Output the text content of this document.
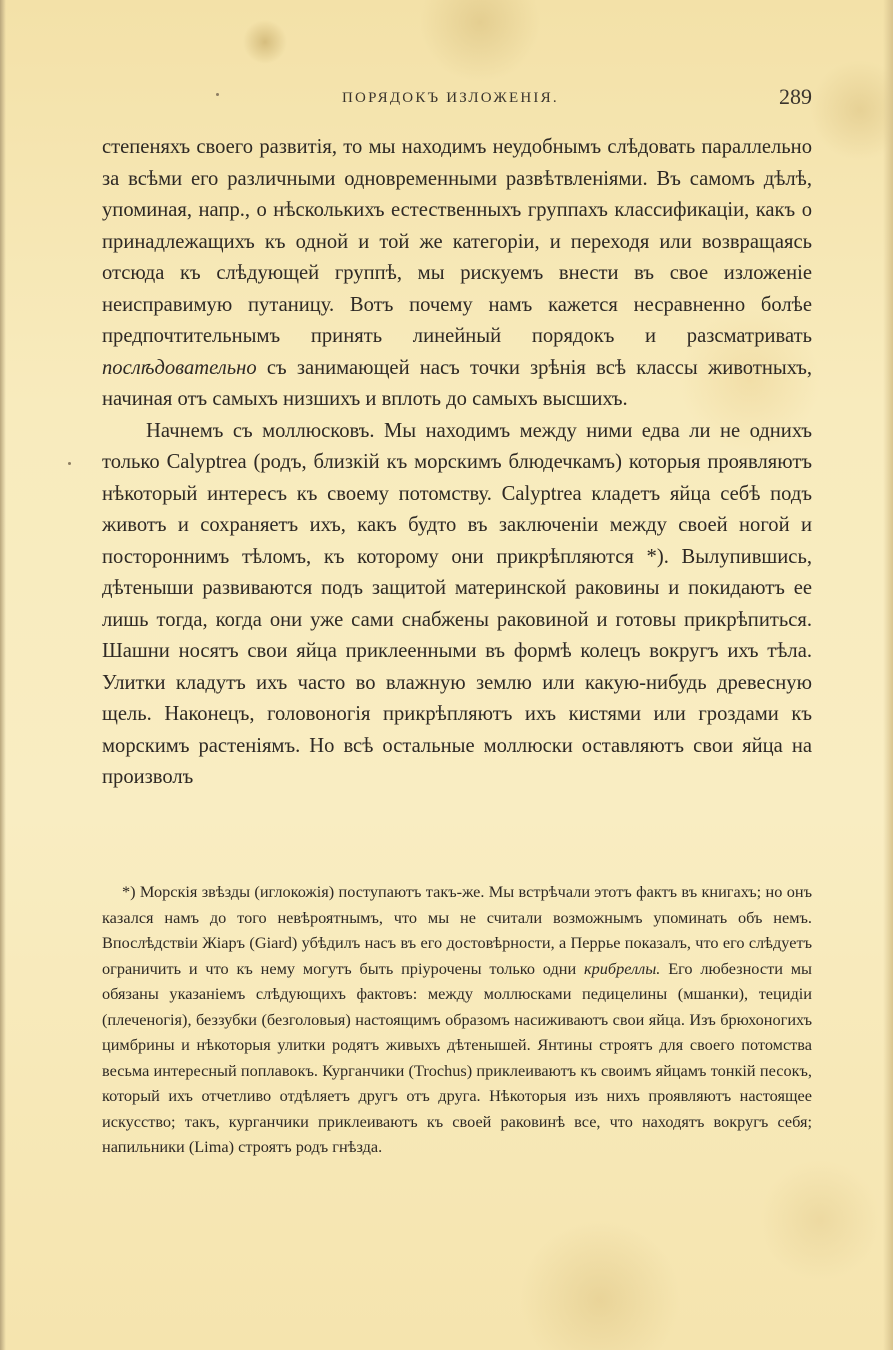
ПОРЯДОКЪ ИЗЛОЖЕНІЯ.	289

степеняхъ своего развитія, то мы находимъ неудобнымъ слѣдовать параллельно за всѣми его различными одновременными развѣтвленіями. Въ самомъ дѣлѣ, упоминая, напр., о нѣсколькихъ естественныхъ группахъ классификаціи, какъ о принадлежащихъ къ одной и той же категоріи, и переходя или возвращаясь отсюда къ слѣдующей группѣ, мы рискуемъ внести въ свое изложеніе неисправимую путаницу. Вотъ почему намъ кажется несравненно болѣе предпочтительнымъ принять линейный порядокъ и разсматривать послѣдовательно съ занимающей насъ точки зрѣнія всѣ классы животныхъ, начиная отъ самыхъ низшихъ и вплоть до самыхъ высшихъ.

Начнемъ съ моллюсковъ. Мы находимъ между ними едва ли не однихъ только Calyptrea (родъ, близкій къ морскимъ блюдечкамъ) которыя проявляютъ нѣкоторый интересъ къ своему потомству. Calyptrea кладетъ яйца себѣ подъ животъ и сохраняетъ ихъ, какъ будто въ заключеніи между своей ногой и постороннимъ тѣломъ, къ которому они прикрѣпляются *). Вылупившись, дѣтеныши развиваются подъ защитой материнской раковины и покидаютъ ее лишь тогда, когда они уже сами снабжены раковиной и готовы прикрѣпиться. Шашни носятъ свои яйца приклеенными въ формѣ колецъ вокругъ ихъ тѣла. Улитки кладутъ ихъ часто во влажную землю или какую-нибудь древесную щель. Наконецъ, головоногія прикрѣпляютъ ихъ кистями или гроздами къ морскимъ растеніямъ. Но всѣ остальные моллюски оставляютъ свои яйца на произволъ

*) Морскія звѣзды (иглокожія) поступаютъ такъ-же. Мы встрѣчали этотъ фактъ въ книгахъ; но онъ казался намъ до того невѣроятнымъ, что мы не считали возможнымъ упоминать объ немъ. Впослѣдствіи Жіаръ (Giard) убѣдилъ насъ въ его достовѣрности, а Перрье показалъ, что его слѣдуетъ ограничить и что къ нему могутъ быть пріурочены только одни крибреллы. Его любезности мы обязаны указаніемъ слѣдующихъ фактовъ: между моллюсками педицелины (мшанки), тецидіи (плеченогія), беззубки (безголовыя) настоящимъ образомъ насиживаютъ свои яйца. Изъ брюхоногихъ цимбрины и нѣкоторыя улитки родятъ живыхъ дѣтенышей. Янтины строятъ для своего потомства весьма интересный поплавокъ. Курганчики (Trochus) приклеиваютъ къ своимъ яйцамъ тонкій песокъ, который ихъ отчетливо отдѣляетъ другъ отъ друга. Нѣкоторыя изъ нихъ проявляютъ настоящее искусство; такъ, курганчики приклеиваютъ къ своей раковинѣ все, что находятъ вокругъ себя; напильники (Lima) строятъ родъ гнѣзда.
